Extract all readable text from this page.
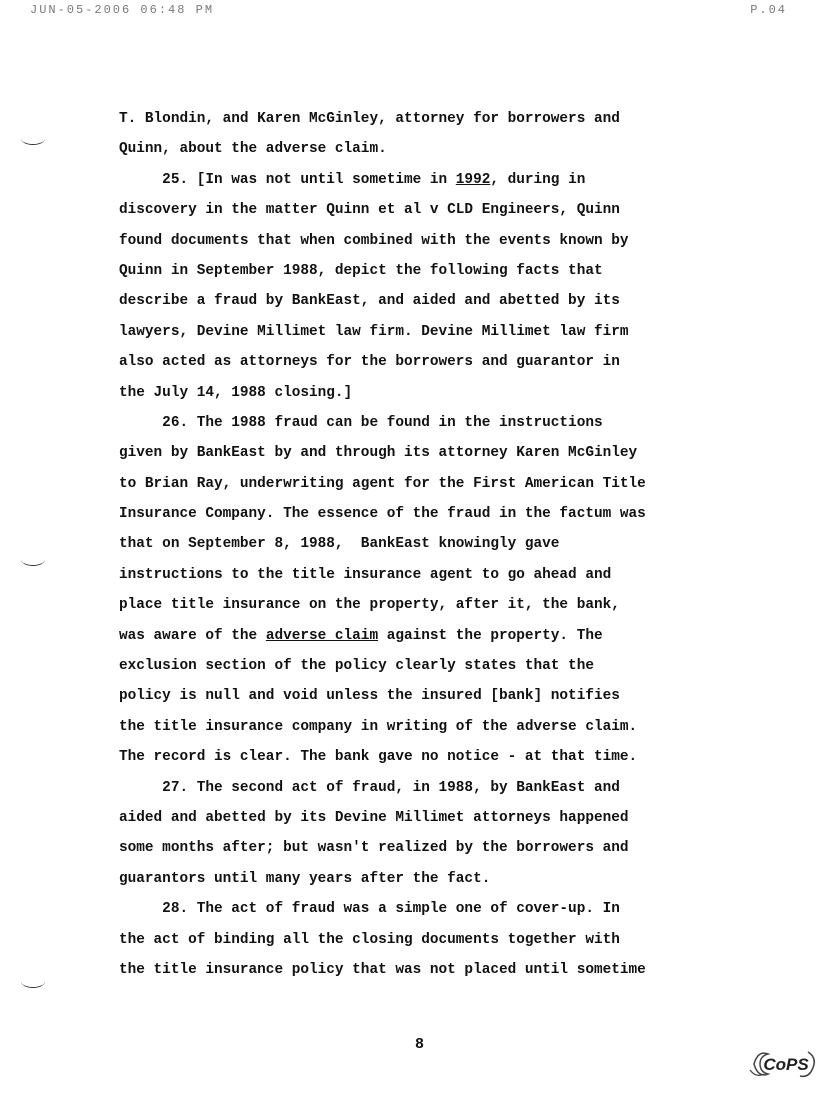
JUN-05-2006 06:48 PM	P.04
T. Blondin, and Karen McGinley, attorney for borrowers and
Quinn, about the adverse claim.
25. [In was not until sometime in 1992, during in
discovery in the matter Quinn et al v CLD Engineers, Quinn
found documents that when combined with the events known by
Quinn in September 1988, depict the following facts that
describe a fraud by BankEast, and aided and abetted by its
lawyers, Devine Millimet law firm. Devine Millimet law firm
also acted as attorneys for the borrowers and guarantor in
the July 14, 1988 closing.]
26. The 1988 fraud can be found in the instructions
given by BankEast by and through its attorney Karen McGinley
to Brian Ray, underwriting agent for the First American Title
Insurance Company. The essence of the fraud in the factum was
that on September 8, 1988,  BankEast knowingly gave
instructions to the title insurance agent to go ahead and
place title insurance on the property, after it, the bank,
was aware of the adverse claim against the property. The
exclusion section of the policy clearly states that the
policy is null and void unless the insured [bank] notifies
the title insurance company in writing of the adverse claim.
The record is clear. The bank gave no notice - at that time.
27. The second act of fraud, in 1988, by BankEast and
aided and abetted by its Devine Millimet attorneys happened
some months after; but wasn't realized by the borrowers and
guarantors until many years after the fact.
28. The act of fraud was a simple one of cover-up. In
the act of binding all the closing documents together with
the title insurance policy that was not placed until sometime
8
CoPS
